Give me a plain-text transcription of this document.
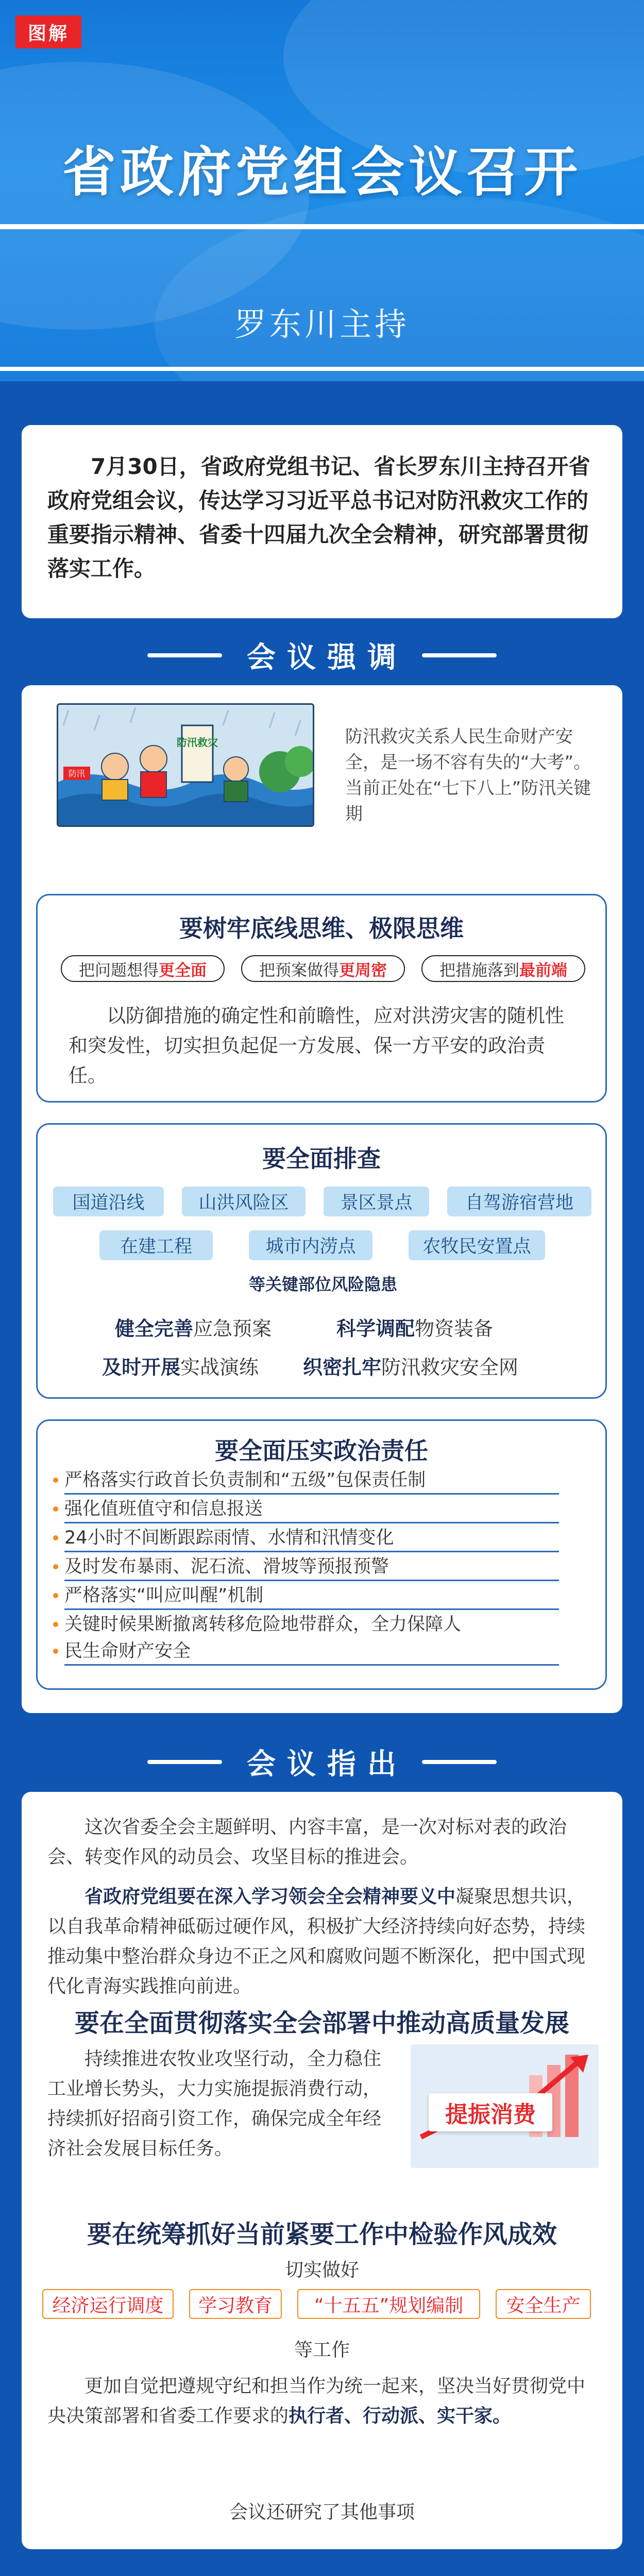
图解
省政府党组会议召开
罗东川主持
7月30日，省政府党组书记、省长罗东川主持召开省政府党组会议，传达学习习近平总书记对防汛救灾工作的重要指示精神、省委十四届九次全会精神，研究部署贯彻落实工作。
会议强调
防汛救灾
防汛
防汛救灾关系人民生命财产安全，是一场不容有失的“大考”。当前正处在“七下八上”防汛关键期
要树牢底线思维、极限思维
把问题想得 更全面	把预案做得 更周密	把措施落到 最前端
以防御措施的确定性和前瞻性，应对洪涝灾害的随机性和突发性，切实担负起促一方发展、保一方平安的政治责任。
要全面排查
国道沿线	山洪风险区	景区景点	自驾游宿营地
在建工程	城市内涝点	农牧民安置点
等关键部位风险隐患
健全完善应急预案	科学调配物资装备
及时开展实战演练 织密扎牢防汛救灾安全网
要全面压实政治责任
严格落实行政首长负责制和“五级”包保责任制
强化值班值守和信息报送
24小时不间断跟踪雨情、水情和汛情变化
及时发布暴雨、泥石流、滑坡等预报预警
严格落实“叫应叫醒”机制
关键时候果断撤离转移危险地带群众，全力保障人
民生命财产安全
会议指出
这次省委全会主题鲜明、内容丰富，是一次对标对表的政治会、转变作风的动员会、攻坚目标的推进会。
省政府党组要在深入学习领会全会精神要义中凝聚思想共识，以自我革命精神砥砺过硬作风，积极扩大经济持续向好态势，持续推动集中整治群众身边不正之风和腐败问题不断深化，把中国式现代化青海实践推向前进。
要在全面贯彻落实全会部署中推动高质量发展
持续推进农牧业攻坚行动，全力稳住工业增长势头，大力实施提振消费行动，持续抓好招商引资工作，确保完成全年经济社会发展目标任务。
提振消费
要在统筹抓好当前紧要工作中检验作风成效
切实做好
经济运行调度	学习教育	“十五五”规划编制	安全生产
等工作
更加自觉把遵规守纪和担当作为统一起来，坚决当好贯彻党中央决策部署和省委工作要求的执行者、行动派、实干家。
会议还研究了其他事项
